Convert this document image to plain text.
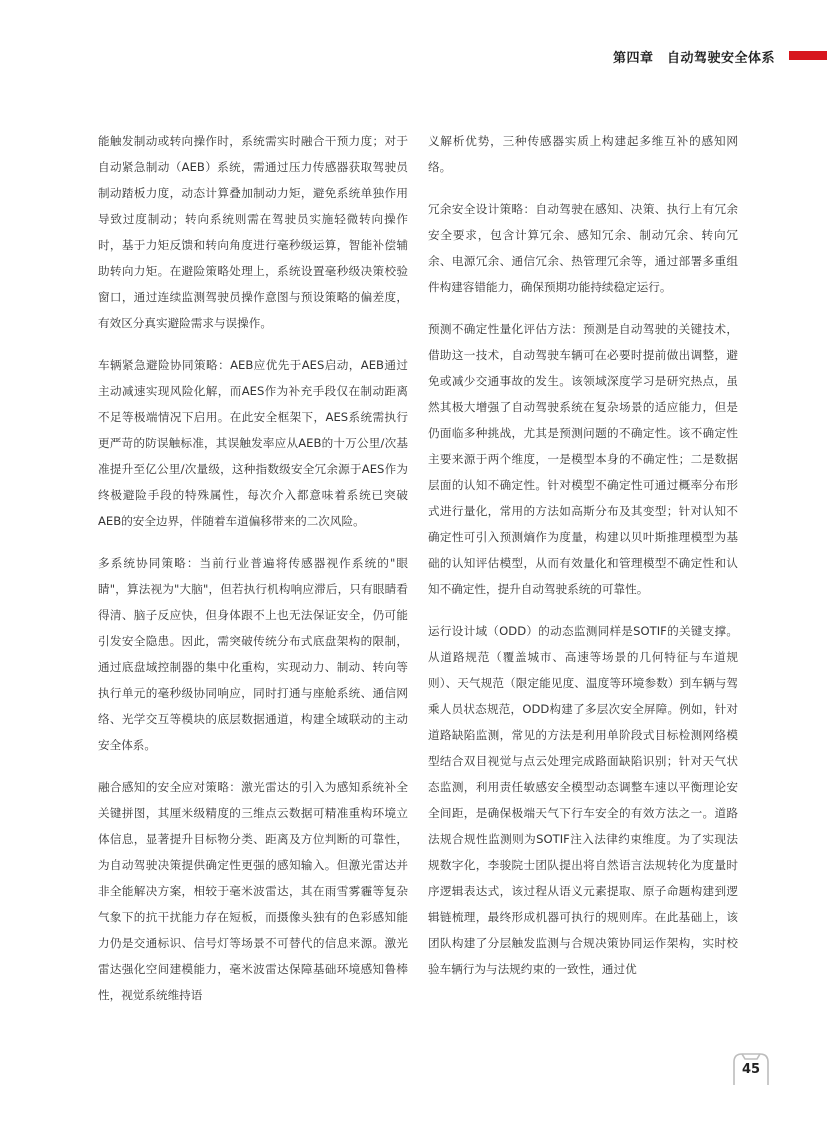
第四章　自动驾驶安全体系

能触发制动或转向操作时，系统需实时融合干预力度；对于自动紧急制动（AEB）系统，需通过压力传感器获取驾驶员制动踏板力度，动态计算叠加制动力矩，避免系统单独作用导致过度制动；转向系统则需在驾驶员实施轻微转向操作时，基于力矩反馈和转向角度进行毫秒级运算，智能补偿辅助转向力矩。在避险策略处理上，系统设置毫秒级决策校验窗口，通过连续监测驾驶员操作意图与预设策略的偏差度，有效区分真实避险需求与误操作。

车辆紧急避险协同策略：AEB应优先于AES启动，AEB通过主动减速实现风险化解，而AES作为补充手段仅在制动距离不足等极端情况下启用。在此安全框架下，AES系统需执行更严苛的防误触标准，其误触发率应从AEB的十万公里/次基准提升至亿公里/次量级，这种指数级安全冗余源于AES作为终极避险手段的特殊属性，每次介入都意味着系统已突破AEB的安全边界，伴随着车道偏移带来的二次风险。

多系统协同策略：当前行业普遍将传感器视作系统的"眼睛"，算法视为"大脑"，但若执行机构响应滞后，只有眼睛看得清、脑子反应快，但身体跟不上也无法保证安全，仍可能引发安全隐患。因此，需突破传统分布式底盘架构的限制，通过底盘域控制器的集中化重构，实现动力、制动、转向等执行单元的毫秒级协同响应，同时打通与座舱系统、通信网络、光学交互等模块的底层数据通道，构建全域联动的主动安全体系。

融合感知的安全应对策略：激光雷达的引入为感知系统补全关键拼图，其厘米级精度的三维点云数据可精准重构环境立体信息，显著提升目标物分类、距离及方位判断的可靠性，为自动驾驶决策提供确定性更强的感知输入。但激光雷达并非全能解决方案，相较于毫米波雷达，其在雨雪雾霾等复杂气象下的抗干扰能力存在短板，而摄像头独有的色彩感知能力仍是交通标识、信号灯等场景不可替代的信息来源。激光雷达强化空间建模能力，毫米波雷达保障基础环境感知鲁棒性，视觉系统维持语

义解析优势，三种传感器实质上构建起多维互补的感知网络。

冗余安全设计策略：自动驾驶在感知、决策、执行上有冗余安全要求，包含计算冗余、感知冗余、制动冗余、转向冗余、电源冗余、通信冗余、热管理冗余等，通过部署多重组件构建容错能力，确保预期功能持续稳定运行。

预测不确定性量化评估方法：预测是自动驾驶的关键技术，借助这一技术，自动驾驶车辆可在必要时提前做出调整，避免或减少交通事故的发生。该领域深度学习是研究热点，虽然其极大增强了自动驾驶系统在复杂场景的适应能力，但是仍面临多种挑战，尤其是预测问题的不确定性。该不确定性主要来源于两个维度，一是模型本身的不确定性；二是数据层面的认知不确定性。针对模型不确定性可通过概率分布形式进行量化，常用的方法如高斯分布及其变型；针对认知不确定性可引入预测熵作为度量，构建以贝叶斯推理模型为基础的认知评估模型，从而有效量化和管理模型不确定性和认知不确定性，提升自动驾驶系统的可靠性。

运行设计域（ODD）的动态监测同样是SOTIF的关键支撑。从道路规范（覆盖城市、高速等场景的几何特征与车道规则）、天气规范（限定能见度、温度等环境参数）到车辆与驾乘人员状态规范，ODD构建了多层次安全屏障。例如，针对道路缺陷监测，常见的方法是利用单阶段式目标检测网络模型结合双目视觉与点云处理完成路面缺陷识别；针对天气状态监测，利用责任敏感安全模型动态调整车速以平衡理论安全间距，是确保极端天气下行车安全的有效方法之一。道路法规合规性监测则为SOTIF注入法律约束维度。为了实现法规数字化，李骏院士团队提出将自然语言法规转化为度量时序逻辑表达式，该过程从语义元素提取、原子命题构建到逻辑链梳理，最终形成机器可执行的规则库。在此基础上，该团队构建了分层触发监测与合规决策协同运作架构，实时校验车辆行为与法规约束的一致性，通过优

45
